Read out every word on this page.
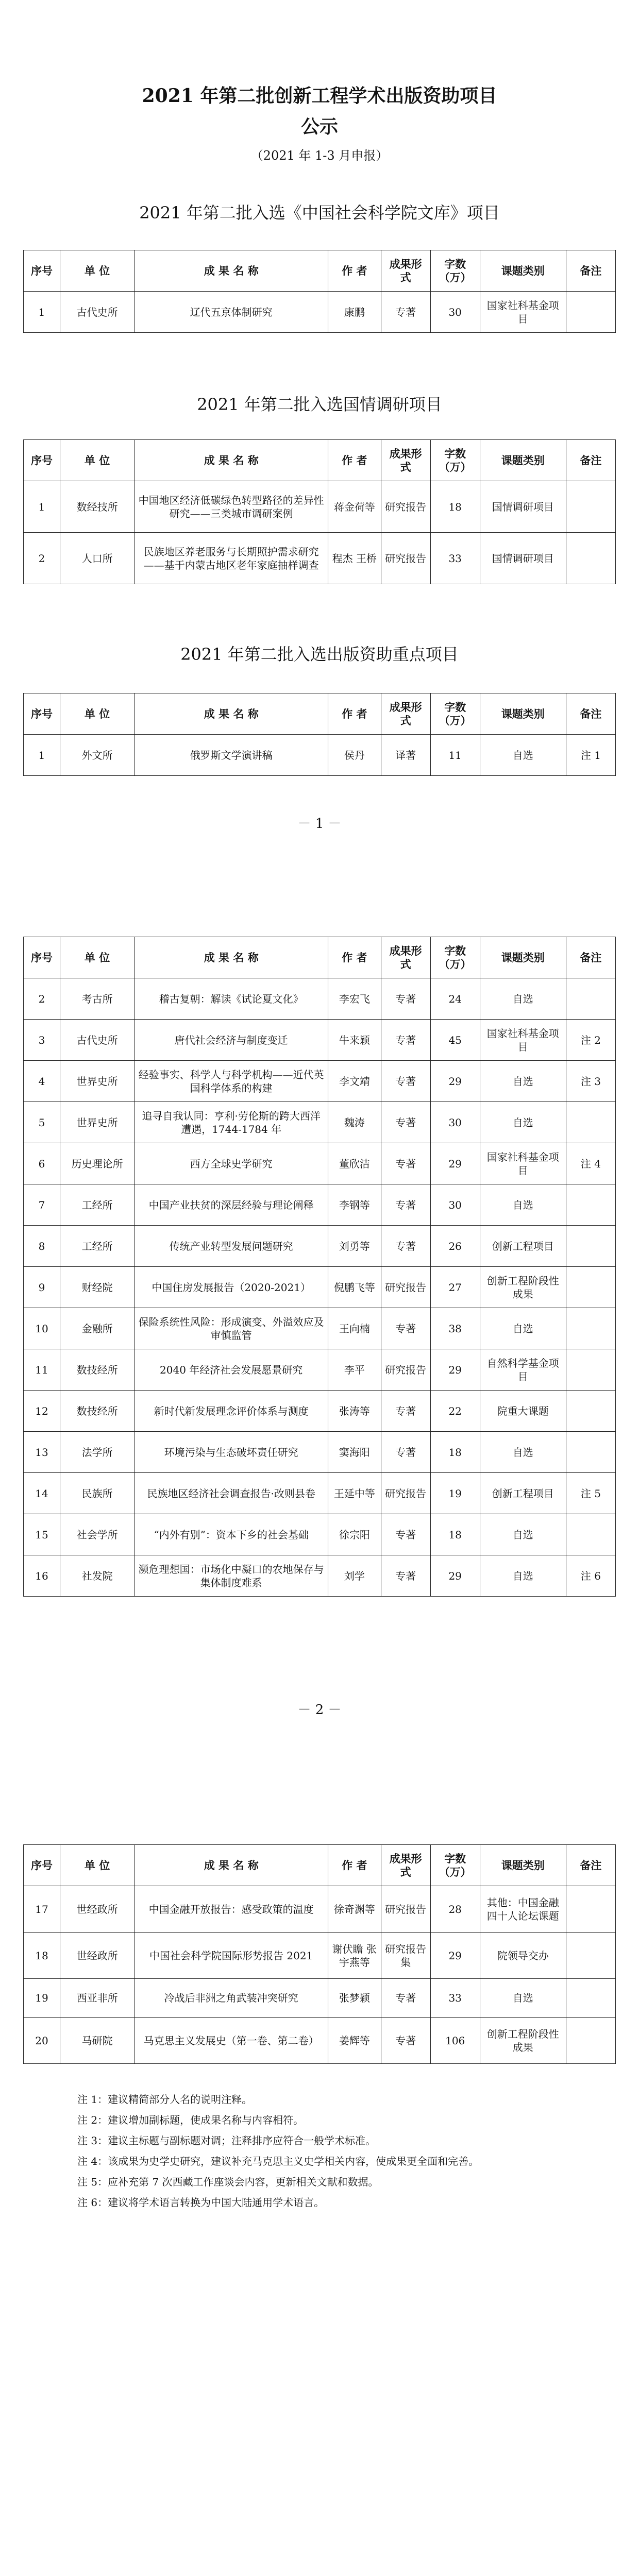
2021 年第二批创新工程学术出版资助项目
公示
（2021 年 1-3 月申报）
2021 年第二批入选《中国社会科学院文库》项目
序号	单 位	成 果 名 称	作 者	成果形式	字数（万）	课题类别	备注
1	古代史所	辽代五京体制研究	康鹏	专著	30	国家社科基金项目	
2021 年第二批入选国情调研项目
序号	单 位	成 果 名 称	作 者	成果形式	字数（万）	课题类别	备注
1	数经技所	中国地区经济低碳绿色转型路径的差异性研究——三类城市调研案例	蒋金荷等	研究报告	18	国情调研项目	
2	人口所	民族地区养老服务与长期照护需求研究——基于内蒙古地区老年家庭抽样调查	程杰 王桥	研究报告	33	国情调研项目	
2021 年第二批入选出版资助重点项目
序号	单 位	成 果 名 称	作 者	成果形式	字数（万）	课题类别	备注
1	外文所	俄罗斯文学演讲稿	侯丹	译著	11	自选	注 1
－ 1 －
序号	单 位	成 果 名 称	作 者	成果形式	字数（万）	课题类别	备注
2	考古所	稽古复朝：解读《试论夏文化》	李宏飞	专著	24	自选	
3	古代史所	唐代社会经济与制度变迁	牛来颖	专著	45	国家社科基金项目	注 2
4	世界史所	经验事实、科学人与科学机构——近代英国科学体系的构建	李文靖	专著	29	自选	注 3
5	世界史所	追寻自我认同：亨利·劳伦斯的跨大西洋遭遇，1744-1784 年	魏涛	专著	30	自选	
6	历史理论所	西方全球史学研究	董欣洁	专著	29	国家社科基金项目	注 4
7	工经所	中国产业扶贫的深层经验与理论阐释	李钢等	专著	30	自选	
8	工经所	传统产业转型发展问题研究	刘勇等	专著	26	创新工程项目	
9	财经院	中国住房发展报告（2020-2021）	倪鹏飞等	研究报告	27	创新工程阶段性成果	
10	金融所	保险系统性风险：形成演变、外溢效应及审慎监管	王向楠	专著	38	自选	
11	数技经所	2040 年经济社会发展愿景研究	李平	研究报告	29	自然科学基金项目	
12	数技经所	新时代新发展理念评价体系与测度	张涛等	专著	22	院重大课题	
13	法学所	环境污染与生态破坏责任研究	窦海阳	专著	18	自选	
14	民族所	民族地区经济社会调查报告·改则县卷	王延中等	研究报告	19	创新工程项目	注 5
15	社会学所	“内外有别”：资本下乡的社会基础	徐宗阳	专著	18	自选	
16	社发院	濒危理想国：市场化中凝口的农地保存与集体制度难系	刘学	专著	29	自选	注 6
－ 2 －
序号	单 位	成 果 名 称	作 者	成果形式	字数（万）	课题类别	备注
17	世经政所	中国金融开放报告：感受政策的温度	徐奇渊等	研究报告	28	其他：中国金融四十人论坛课题	
18	世经政所	中国社会科学院国际形势报告 2021	谢伏瞻 张宇燕等	研究报告集	29	院领导交办	
19	西亚非所	冷战后非洲之角武装冲突研究	张梦颖	专著	33	自选	
20	马研院	马克思主义发展史（第一卷、第二卷）	姜辉等	专著	106	创新工程阶段性成果	
注 1：建议精简部分人名的说明注释。
注 2：建议增加副标题，使成果名称与内容相符。
注 3：建议主标题与副标题对调；注释排序应符合一般学术标准。
注 4：该成果为史学史研究，建议补充马克思主义史学相关内容，使成果更全面和完善。
注 5：应补充第 7 次西藏工作座谈会内容，更新相关文献和数据。
注 6：建议将学术语言转换为中国大陆通用学术语言。
